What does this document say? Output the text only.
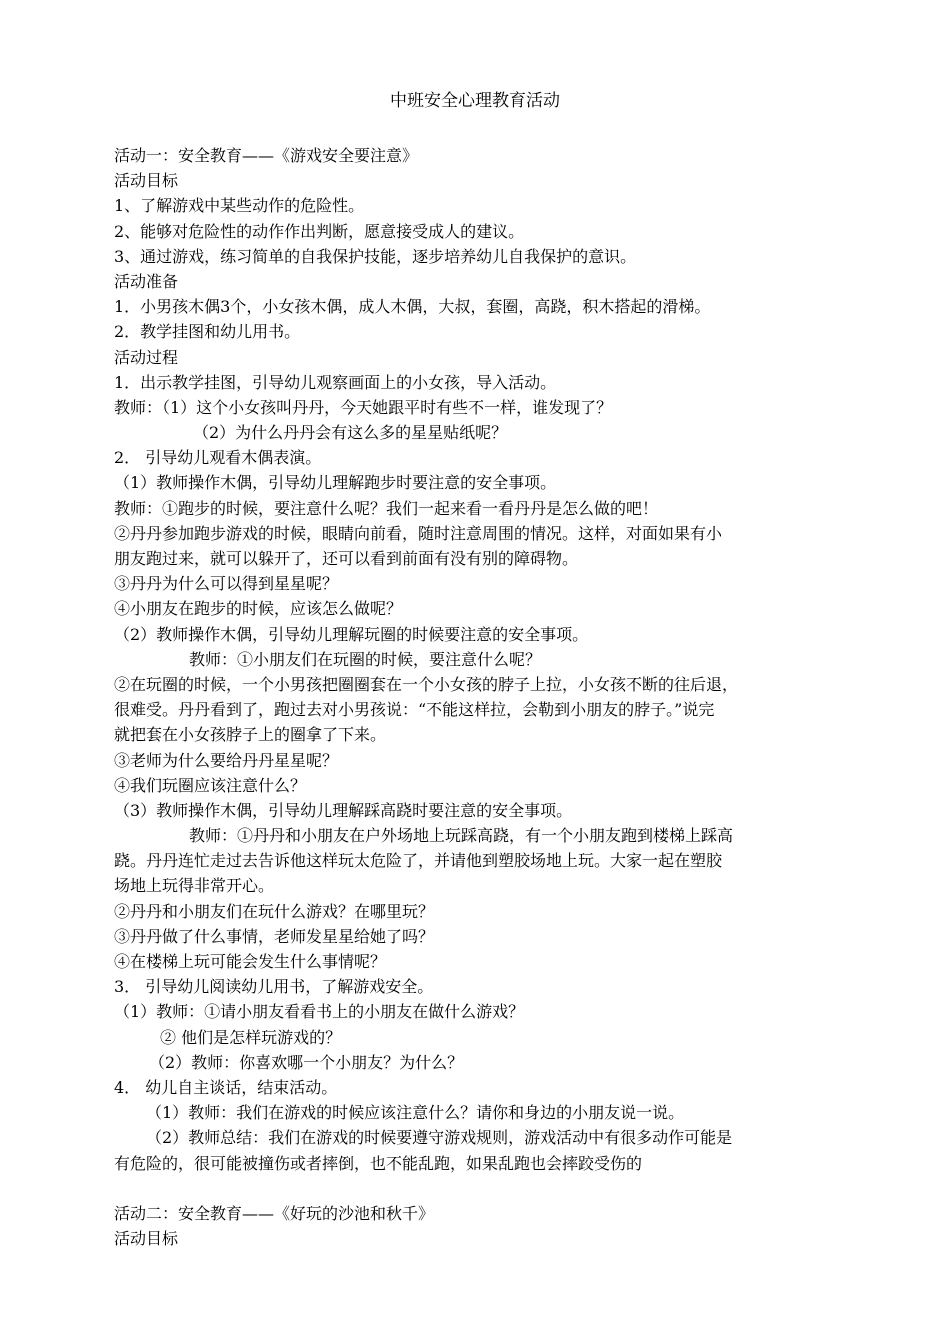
中班安全心理教育活动
活动一：安全教育——《游戏安全要注意》
活动目标
1、了解游戏中某些动作的危险性。
2、能够对危险性的动作作出判断，愿意接受成人的建议。
3、通过游戏，练习简单的自我保护技能，逐步培养幼儿自我保护的意识。
活动准备
1．小男孩木偶3个，小女孩木偶，成人木偶，大叔，套圈，高跷，积木搭起的滑梯。
2．教学挂图和幼儿用书。
活动过程
1．出示教学挂图，引导幼儿观察画面上的小女孩，导入活动。
教师：（1）这个小女孩叫丹丹，今天她跟平时有些不一样，谁发现了？
（2）为什么丹丹会有这么多的星星贴纸呢？
2． 引导幼儿观看木偶表演。
（1）教师操作木偶，引导幼儿理解跑步时要注意的安全事项。
教师：①跑步的时候，要注意什么呢？我们一起来看一看丹丹是怎么做的吧！
②丹丹参加跑步游戏的时候，眼睛向前看，随时注意周围的情况。这样，对面如果有小
朋友跑过来，就可以躲开了，还可以看到前面有没有别的障碍物。
③丹丹为什么可以得到星星呢？
④小朋友在跑步的时候，应该怎么做呢？
（2）教师操作木偶，引导幼儿理解玩圈的时候要注意的安全事项。
教师：①小朋友们在玩圈的时候，要注意什么呢？
②在玩圈的时候，一个小男孩把圈圈套在一个小女孩的脖子上拉，小女孩不断的往后退，
很难受。丹丹看到了，跑过去对小男孩说：“不能这样拉，会勒到小朋友的脖子。”说完
就把套在小女孩脖子上的圈拿了下来。
③老师为什么要给丹丹星星呢？
④我们玩圈应该注意什么？
（3）教师操作木偶，引导幼儿理解踩高跷时要注意的安全事项。
教师：①丹丹和小朋友在户外场地上玩踩高跷，有一个小朋友跑到楼梯上踩高
跷。丹丹连忙走过去告诉他这样玩太危险了，并请他到塑胶场地上玩。大家一起在塑胶
场地上玩得非常开心。
②丹丹和小朋友们在玩什么游戏？在哪里玩？
③丹丹做了什么事情，老师发星星给她了吗？
④在楼梯上玩可能会发生什么事情呢？
3． 引导幼儿阅读幼儿用书，了解游戏安全。
（1）教师：①请小朋友看看书上的小朋友在做什么游戏？
② 他们是怎样玩游戏的？
（2）教师：你喜欢哪一个小朋友？为什么？
4． 幼儿自主谈话，结束活动。
（1）教师：我们在游戏的时候应该注意什么？请你和身边的小朋友说一说。
（2）教师总结：我们在游戏的时候要遵守游戏规则，游戏活动中有很多动作可能是
有危险的，很可能被撞伤或者摔倒，也不能乱跑，如果乱跑也会摔跤受伤的
活动二：安全教育——《好玩的沙池和秋千》
活动目标
